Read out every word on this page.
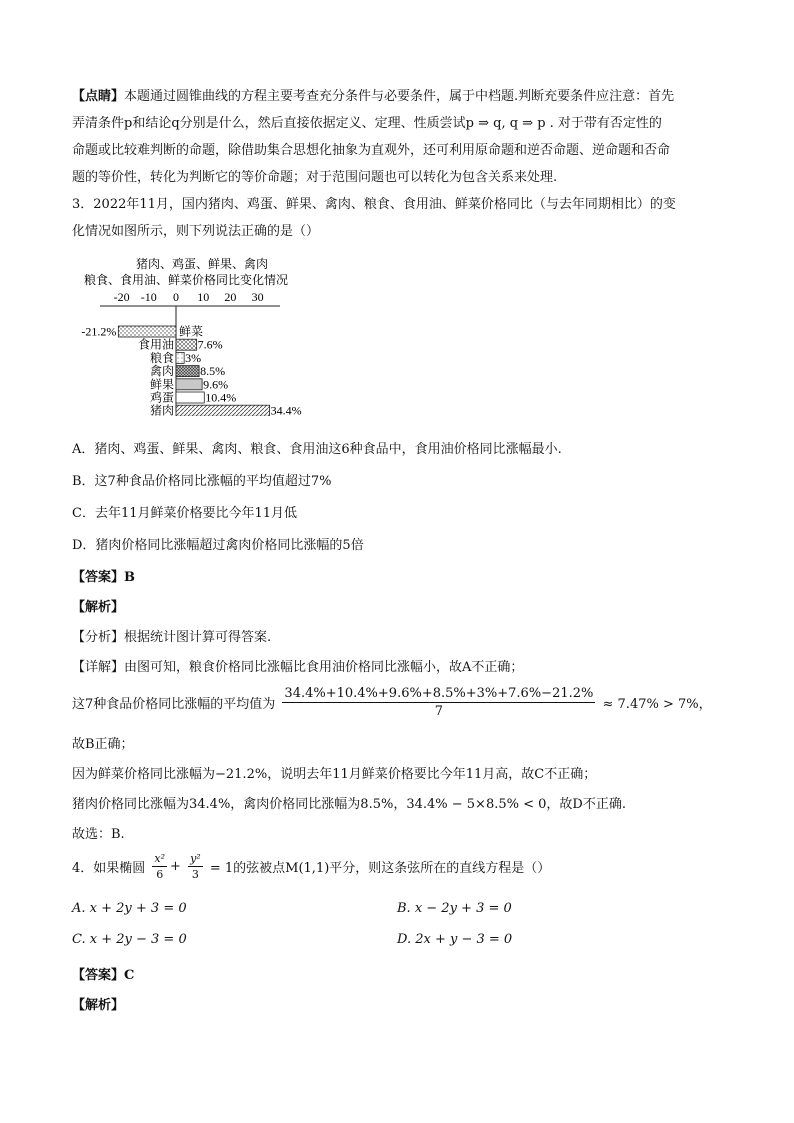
【点睛】本题通过圆锥曲线的方程主要考查充分条件与必要条件，属于中档题.判断充要条件应注意：首先
弄清条件p和结论q分别是什么，然后直接依据定义、定理、性质尝试p ⇒ q, q ⇒ p . 对于带有否定性的
命题或比较难判断的命题，除借助集合思想化抽象为直观外，还可利用原命题和逆否命题、逆命题和否命
题的等价性，转化为判断它的等价命题；对于范围问题也可以转化为包含关系来处理.
3．2022年11月，国内猪肉、鸡蛋、鲜果、禽肉、粮食、食用油、鲜菜价格同比（与去年同期相比）的变
化情况如图所示，则下列说法正确的是（）
猪肉、鸡蛋、鲜果、禽肉
粮食、食用油、鲜菜价格同比变化情况
-20 -10 0 10 20 30
鲜菜
-21.2%
食用油 7.6%
粮食 3%
禽肉 8.5%
鲜果 9.6%
鸡蛋	10.4%
猪肉	34.4%
A．猪肉、鸡蛋、鲜果、禽肉、粮食、食用油这6种食品中，食用油价格同比涨幅最小.
B．这7种食品价格同比涨幅的平均值超过7%
C．去年11月鲜菜价格要比今年11月低
D．猪肉价格同比涨幅超过禽肉价格同比涨幅的5倍
【答案】B
【解析】
【分析】根据统计图计算可得答案.
【详解】由图可知，粮食价格同比涨幅比食用油价格同比涨幅小，故A不正确；
这7种食品价格同比涨幅的平均值为 $\frac{34.4\%+10.4\%+9.6\%+8.5\%+3\%+7.6\%-21.2\%}{7} \approx 7.47\% > 7\%$，
故B正确；
因为鲜菜价格同比涨幅为−21.2%，说明去年11月鲜菜价格要比今年11月高，故C不正确；
猪肉价格同比涨幅为34.4%，禽肉价格同比涨幅为8.5%，34.4% − 5×8.5% < 0，故D不正确.
故选：B.
4．如果椭圆 $\frac{\text{x²}}{6} + \frac{\text{y²}}{3} = 1$的弦被点M(1,1)平分，则这条弦所在的直线方程是（）
A. x + 2y + 3 = 0	B. x − 2y + 3 = 0
C. x + 2y − 3 = 0	D. 2x + y − 3 = 0
【答案】C
【解析】
